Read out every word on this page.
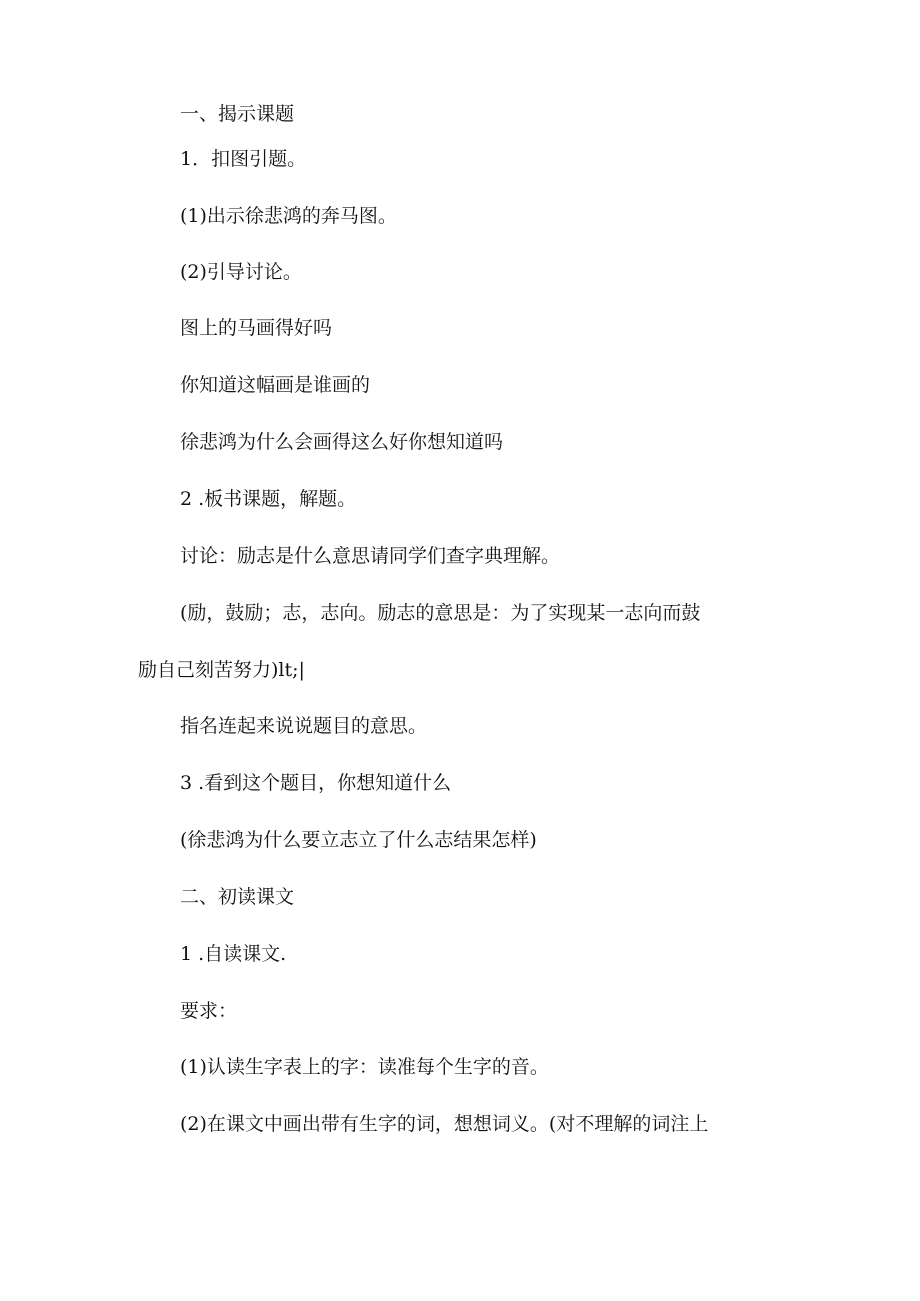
一、揭示课题
1．扣图引题。
(1)出示徐悲鸿的奔马图。
(2)引导讨论。
图上的马画得好吗
你知道这幅画是谁画的
徐悲鸿为什么会画得这么好你想知道吗
2 .板书课题，解题。
讨论：励志是什么意思请同学们查字典理解。
(励，鼓励；志，志向。励志的意思是：为了实现某一志向而鼓
励自己刻苦努力)lt;|
指名连起来说说题目的意思。
3 .看到这个题目，你想知道什么
(徐悲鸿为什么要立志立了什么志结果怎样)
二、初读课文
1 .自读课文.
要求：
(1)认读生字表上的字：读准每个生字的音。
(2)在课文中画出带有生字的词，想想词义。(对不理解的词注上
